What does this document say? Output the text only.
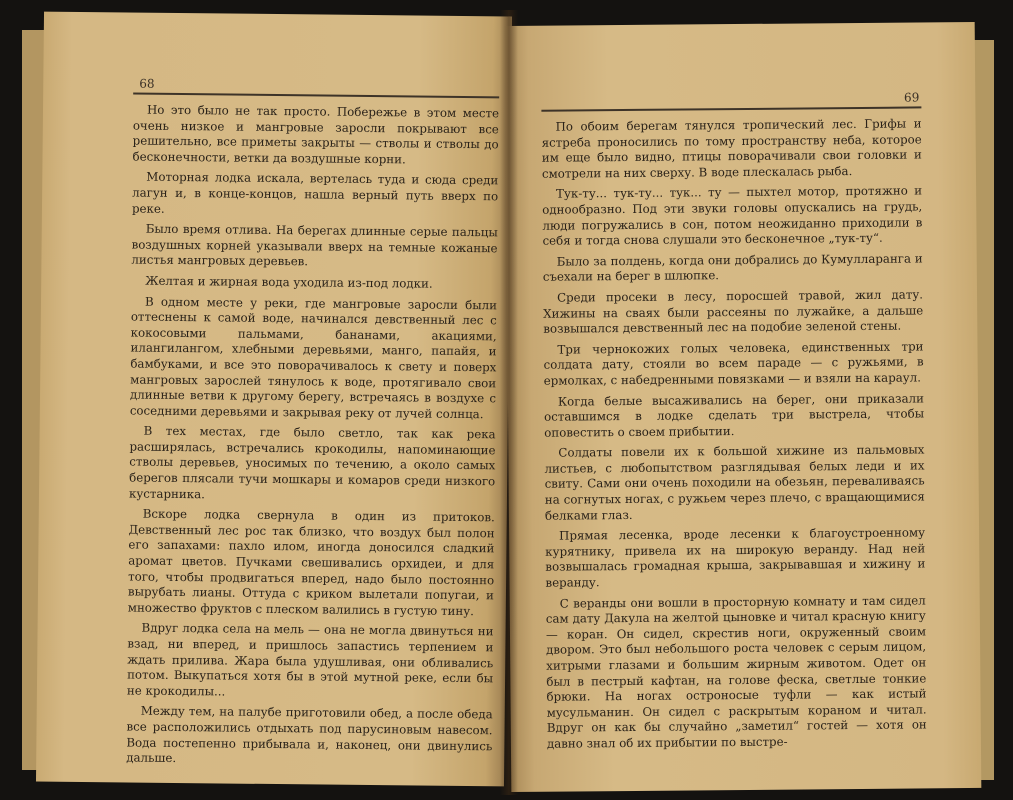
68

Но это было не так просто. Побережье в этом месте очень низкое и мангровые заросли покрывают все решительно, все приметы закрыты — стволы и стволы до бесконечности, ветки да воздушные корни.

Моторная лодка искала, вертелась туда и сюда среди лагун и, в конце-концов, нашла верный путь вверх по реке.

Было время отлива. На берегах длинные серые пальцы воздушных корней указывали вверх на темные кожаные листья мангровых деревьев.

Желтая и жирная вода уходила из-под лодки.

В одном месте у реки, где мангровые заросли были оттеснены к самой воде, начинался девственный лес с кокосовыми пальмами, бананами, акациями, илангилангом, хлебными деревьями, манго, папайя, и бамбуками, и все это поворачивалось к свету и поверх мангровых зарослей тянулось к воде, протягивало свои длинные ветви к другому берегу, встречаясь в воздухе с соседними деревьями и закрывая реку от лучей солнца.

В тех местах, где было светло, так как река расширялась, встречались крокодилы, напоминающие стволы деревьев, уносимых по течению, а около самых берегов плясали тучи мошкары и комаров среди низкого кустарника.

Вскоре лодка свернула в один из притоков. Девственный лес рос так близко, что воздух был полон его запахами: пахло илом, иногда доносился сладкий аромат цветов. Пучками свешивались орхидеи, и для того, чтобы продвигаться вперед, надо было постоянно вырубать лианы. Оттуда с криком вылетали попугаи, и множество фруктов с плеском валились в густую тину.

Вдруг лодка села на мель — она не могла двинуться ни взад, ни вперед, и пришлось запастись терпением и ждать прилива. Жара была удушливая, они обливались потом. Выкупаться хотя бы в этой мутной реке, если бы не крокодилы...

Между тем, на палубе приготовили обед, а после обеда все расположились отдыхать под парусиновым навесом. Вода постепенно прибывала и, наконец, они двинулись дальше.

69

По обоим берегам тянулся тропический лес. Грифы и ястреба проносились по тому пространству неба, которое им еще было видно, птицы поворачивали свои головки и смотрели на них сверху. В воде плескалась рыба.

Тук-ту... тук-ту... тук... ту — пыхтел мотор, протяжно и однообразно. Под эти звуки головы опускались на грудь, люди погружались в сон, потом неожиданно приходили в себя и тогда снова слушали это бесконечное „тук-ту“.

Было за полдень, когда они добрались до Кумулларанга и съехали на берег в шлюпке.

Среди просеки в лесу, поросшей травой, жил дату. Хижины на сваях были рассеяны по лужайке, а дальше возвышался девственный лес на подобие зеленой стены.

Три чернокожих голых человека, единственных три солдата дату, стояли во всем параде — с ружьями, в ермолках, с набедренными повязками — и взяли на караул.

Когда белые высаживались на берег, они приказали оставшимся в лодке сделать три выстрела, чтобы оповестить о своем прибытии.

Солдаты повели их к большой хижине из пальмовых листьев, с любопытством разглядывая белых леди и их свиту. Сами они очень походили на обезьян, переваливаясь на согнутых ногах, с ружьем через плечо, с вращающимися белками глаз.

Прямая лесенка, вроде лесенки к благоустроенному курятнику, привела их на широкую веранду. Над ней возвышалась громадная крыша, закрывавшая и хижину и веранду.

С веранды они вошли в просторную комнату и там сидел сам дату Дакула на желтой цыновке и читал красную книгу — коран. Он сидел, скрестив ноги, окруженный своим двором. Это был небольшого роста человек с серым лицом, хитрыми глазами и большим жирным животом. Одет он был в пестрый кафтан, на голове феска, светлые тонкие брюки. На ногах остроносые туфли — как истый мусульманин. Он сидел с раскрытым кораном и читал. Вдруг он как бы случайно „заметил“ гостей — хотя он давно знал об их прибытии по выстре-
